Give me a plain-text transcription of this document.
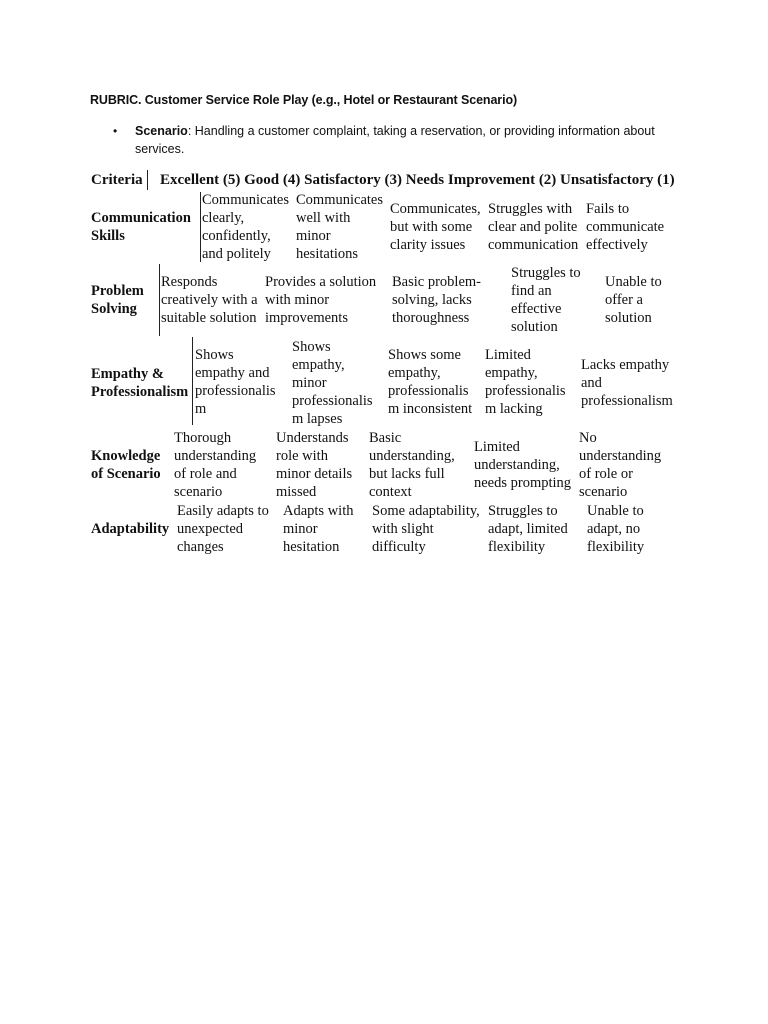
RUBRIC. Customer Service Role Play (e.g., Hotel or Restaurant Scenario)
• Scenario: Handling a customer complaint, taking a reservation, or providing information about
services.
Criteria Excellent (5) Good (4) Satisfactory (3) Needs Improvement (2) Unsatisfactory (1)
Communication
Skills
Communicates
clearly,
confidently,
and politely
Communicates
well with
minor
hesitations
Communicates,
but with some
clarity issues
Struggles with
clear and polite
communication
Fails to
communicate
effectively
Problem
Solving
Responds
creatively with a
suitable solution
Provides a solution
with minor
improvements
Basic problem-
solving, lacks
thoroughness
Struggles to
find an
effective
solution
Unable to
offer a
solution
Empathy &
Professionalism
Shows
empathy and
professionalis
m
Shows
empathy,
minor
professionalis
m lapses
Shows some
empathy,
professionalis
m inconsistent
Limited
empathy,
professionalis
m lacking
Lacks empathy
and
professionalism
Knowledge
of Scenario
Thorough
understanding
of role and
scenario
Understands
role with
minor details
missed
Basic
understanding,
but lacks full
context
Limited
understanding,
needs prompting
No
understanding
of role or
scenario
Adaptability
Easily adapts to
unexpected
changes
Adapts with
minor
hesitation
Some adaptability,
with slight
difficulty
Struggles to
adapt, limited
flexibility
Unable to
adapt, no
flexibility
